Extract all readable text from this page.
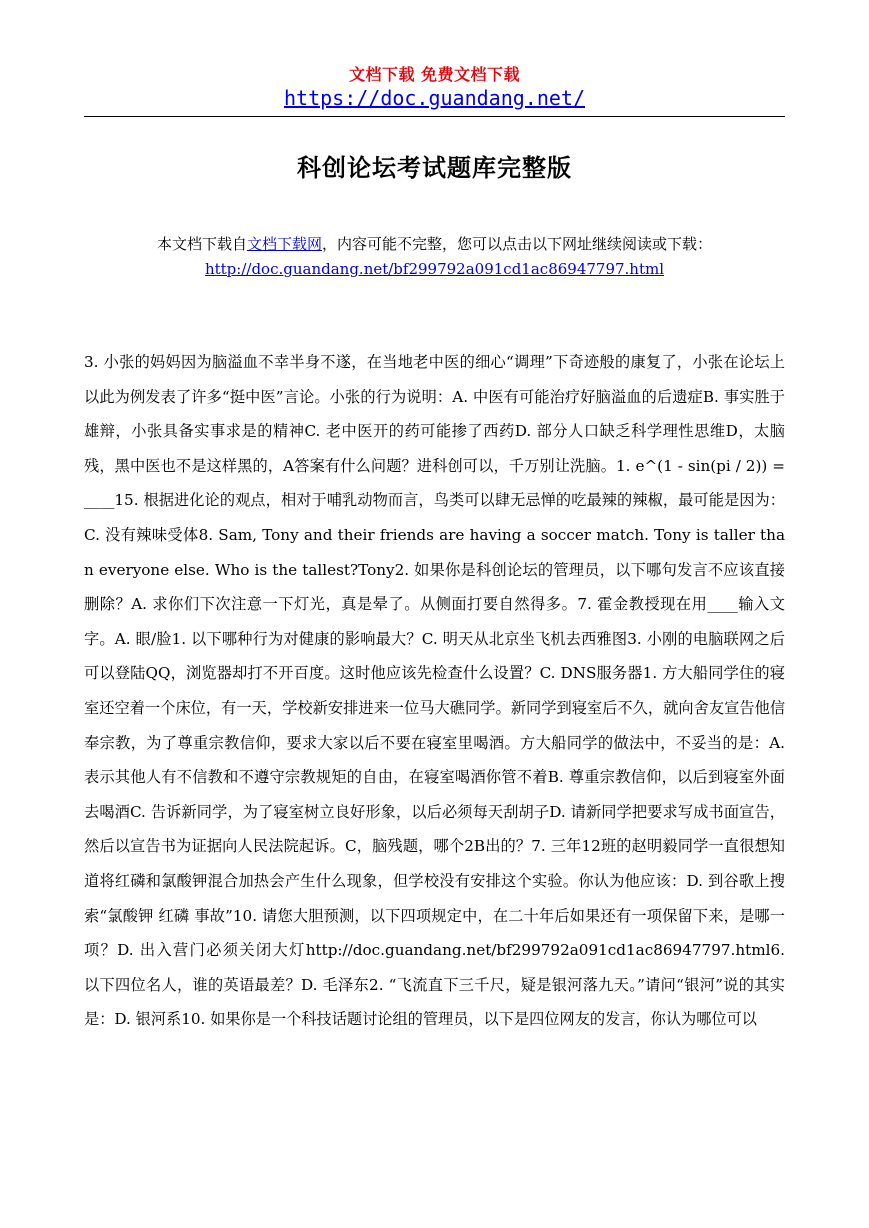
文档下载 免费文档下载
https://doc.guandang.net/
科创论坛考试题库完整版
本文档下载自文档下载网，内容可能不完整，您可以点击以下网址继续阅读或下载：
http://doc.guandang.net/bf299792a091cd1ac86947797.html
3. 小张的妈妈因为脑溢血不幸半身不遂，在当地老中医的细心“调理”下奇迹般的康复了，小张在论坛上以此为例发表了许多“挺中医”言论。小张的行为说明：A. 中医有可能治疗好脑溢血的后遗症B. 事实胜于雄辩，小张具备实事求是的精神C. 老中医开的药可能掺了西药D. 部分人口缺乏科学理性思维D，太脑残，黑中医也不是这样黑的，A答案有什么问题？进科创可以，千万别让洗脑。1. e^(1 - sin(pi / 2)) = ____15. 根据进化论的观点，相对于哺乳动物而言，鸟类可以肆无忌惮的吃最辣的辣椒，最可能是因为：C. 没有辣味受体8. Sam, Tony and their friends are having a soccer match. Tony is taller than everyone else. Who is the tallest?Tony2. 如果你是科创论坛的管理员，以下哪句发言不应该直接删除？A. 求你们下次注意一下灯光，真是晕了。从侧面打要自然得多。7. 霍金教授现在用____输入文字。A. 眼/脸1. 以下哪种行为对健康的影响最大？C. 明天从北京坐飞机去西雅图3. 小刚的电脑联网之后可以登陆QQ，浏览器却打不开百度。这时他应该先检查什么设置？C. DNS服务器1. 方大船同学住的寝室还空着一个床位，有一天，学校新安排进来一位马大礁同学。新同学到寝室后不久，就向舍友宣告他信奉宗教，为了尊重宗教信仰，要求大家以后不要在寝室里喝酒。方大船同学的做法中，不妥当的是：A. 表示其他人有不信教和不遵守宗教规矩的自由，在寝室喝酒你管不着B. 尊重宗教信仰，以后到寝室外面去喝酒C. 告诉新同学，为了寝室树立良好形象，以后必须每天刮胡子D. 请新同学把要求写成书面宣告，然后以宣告书为证据向人民法院起诉。C，脑残题，哪个2B出的？7. 三年12班的赵明毅同学一直很想知道将红磷和氯酸钾混合加热会产生什么现象，但学校没有安排这个实验。你认为他应该：D. 到谷歌上搜索“氯酸钾 红磷 事故”10. 请您大胆预测，以下四项规定中，在二十年后如果还有一项保留下来，是哪一项？D. 出入营门必须关闭大灯http://doc.guandang.net/bf299792a091cd1ac86947797.html6. 以下四位名人，谁的英语最差？D. 毛泽东2. “飞流直下三千尺，疑是银河落九天。”请问“银河”说的其实是：D. 银河系10. 如果你是一个科技话题讨论组的管理员，以下是四位网友的发言，你认为哪位可以
